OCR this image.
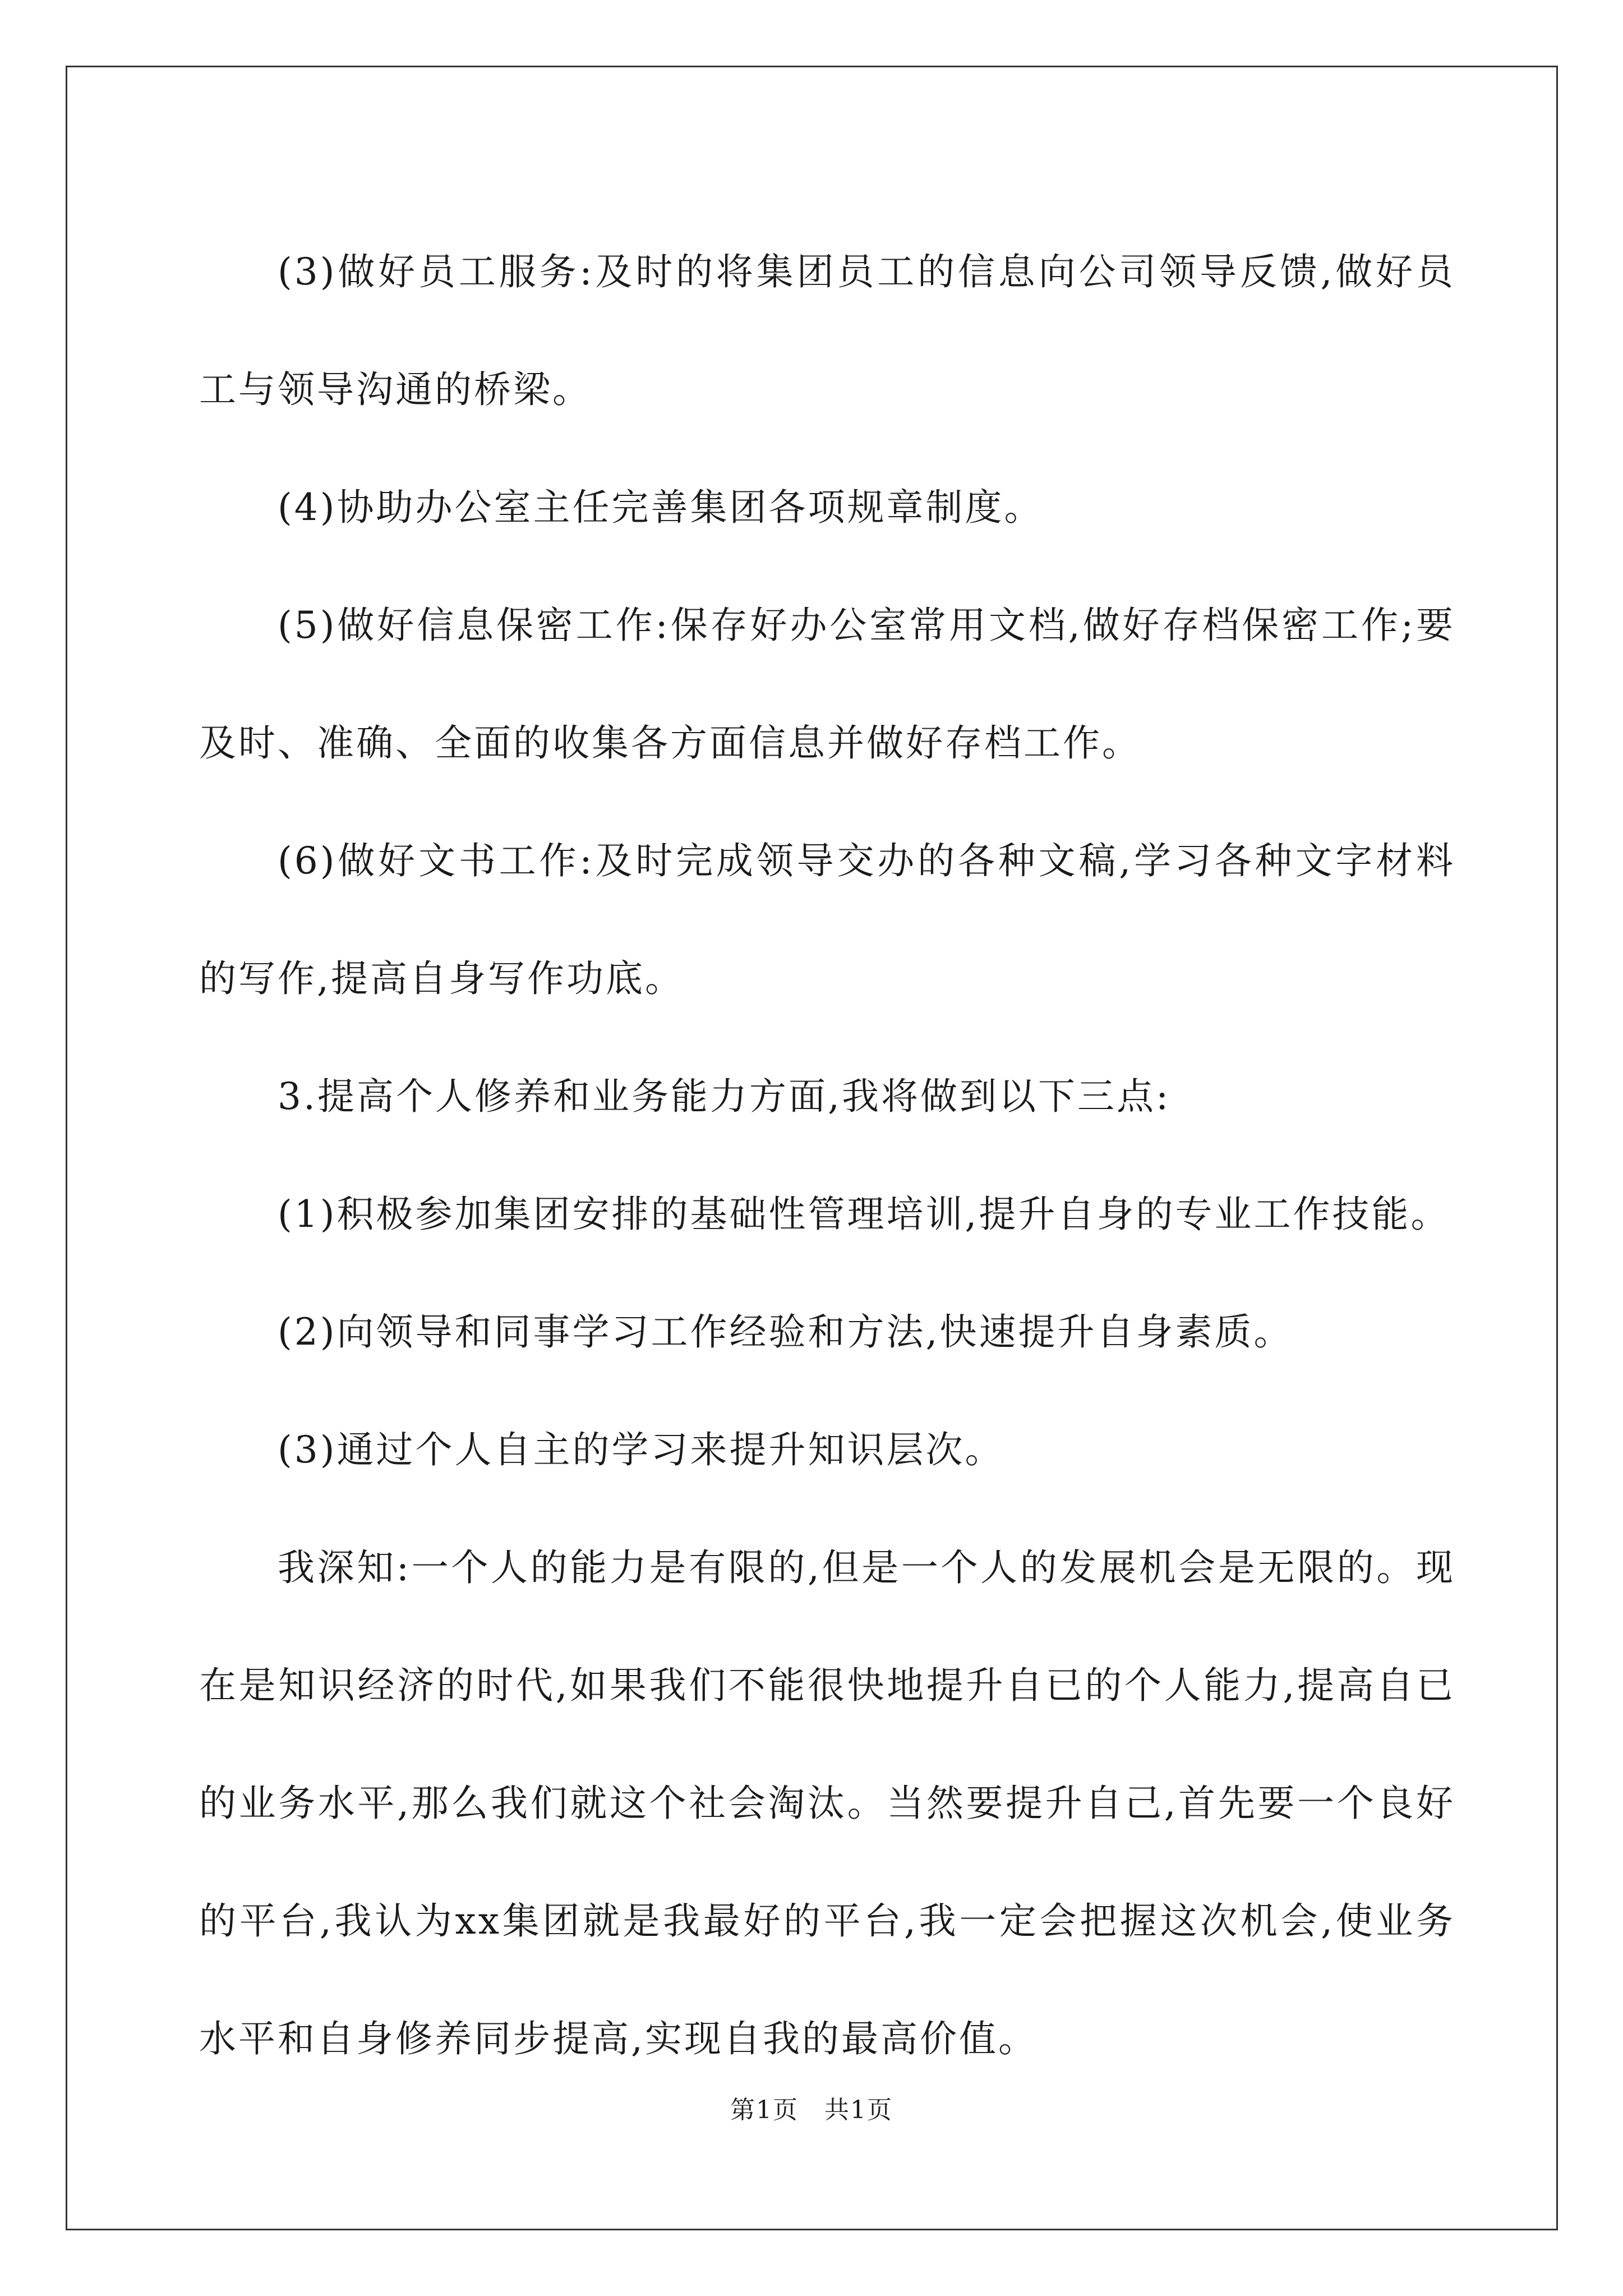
(3)做好员工服务:及时的将集团员工的信息向公司领导反馈,做好员工与领导沟通的桥梁。

(4)协助办公室主任完善集团各项规章制度。

(5)做好信息保密工作:保存好办公室常用文档,做好存档保密工作;要及时、准确、全面的收集各方面信息并做好存档工作。

(6)做好文书工作:及时完成领导交办的各种文稿,学习各种文字材料的写作,提高自身写作功底。

3.提高个人修养和业务能力方面,我将做到以下三点:

(1)积极参加集团安排的基础性管理培训,提升自身的专业工作技能。

(2)向领导和同事学习工作经验和方法,快速提升自身素质。

(3)通过个人自主的学习来提升知识层次。

我深知:一个人的能力是有限的,但是一个人的发展机会是无限的。现在是知识经济的时代,如果我们不能很快地提升自已的个人能力,提高自已的业务水平,那么我们就这个社会淘汰。当然要提升自己,首先要一个良好的平台,我认为xx集团就是我最好的平台,我一定会把握这次机会,使业务水平和自身修养同步提高,实现自我的最高价值。

第1页　共1页
